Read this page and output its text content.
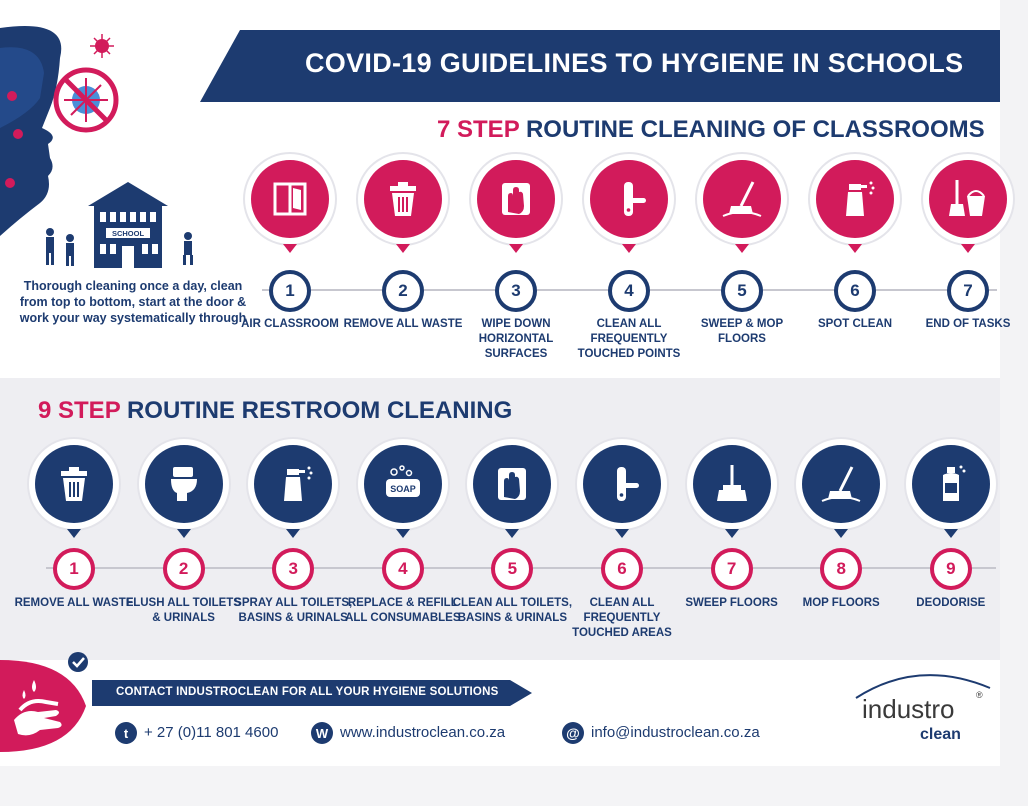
COVID-19 GUIDELINES TO HYGIENE IN SCHOOLS
7 STEP ROUTINE CLEANING OF CLASSROOMS
SCHOOL
Thorough cleaning once a day, clean from top to bottom, start at the door & work your way systematically through
1
AIR CLASSROOM
2
REMOVE ALL WASTE
3
WIPE DOWN HORIZONTAL SURFACES
4
CLEAN ALL FREQUENTLY TOUCHED POINTS
5
SWEEP & MOP FLOORS
6
SPOT CLEAN
7
END OF TASKS
9 STEP ROUTINE RESTROOM CLEANING
1
REMOVE ALL WASTE
2
FLUSH ALL TOILETS & URINALS
3
SPRAY ALL TOILETS, BASINS & URINALS
SOAP
4
REPLACE & REFILL ALL CONSUMABLES
5
CLEAN ALL TOILETS, BASINS & URINALS
6
CLEAN ALL FREQUENTLY TOUCHED AREAS
7
SWEEP FLOORS
8
MOP FLOORS
9
DEODORISE
CONTACT INDUSTROCLEAN FOR ALL YOUR HYGIENE SOLUTIONS
t	+ 27 (0)11 801 4600	W www.industroclean.co.za	@ info@industroclean.co.za
industro ®
clean
